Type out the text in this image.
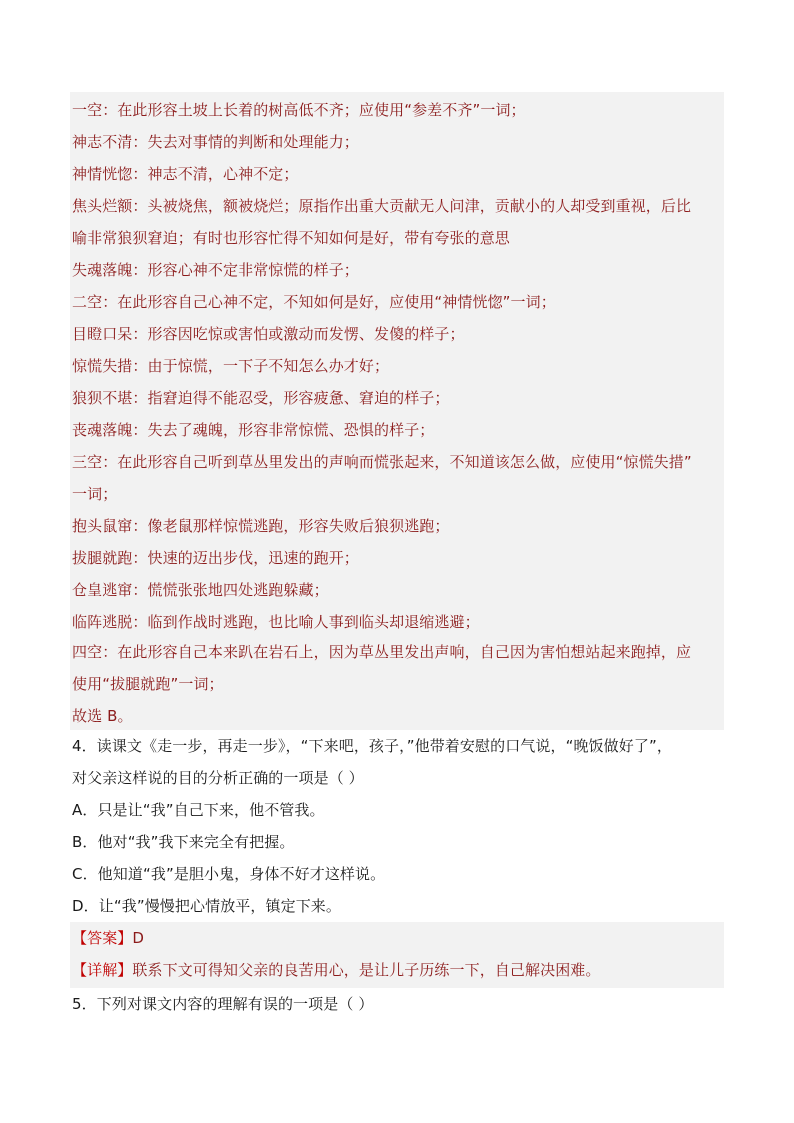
一空：在此形容土坡上长着的树高低不齐；应使用“参差不齐”一词；
神志不清：失去对事情的判断和处理能力；
神情恍惚：神志不清，心神不定；
焦头烂额：头被烧焦，额被烧烂；原指作出重大贡献无人问津，贡献小的人却受到重视，后比
喻非常狼狈窘迫；有时也形容忙得不知如何是好，带有夸张的意思
失魂落魄：形容心神不定非常惊慌的样子；
二空：在此形容自己心神不定，不知如何是好，应使用“神情恍惚”一词；
目瞪口呆：形容因吃惊或害怕或激动而发愣、发傻的样子；
惊慌失措：由于惊慌，一下子不知怎么办才好；
狼狈不堪：指窘迫得不能忍受，形容疲惫、窘迫的样子；
丧魂落魄：失去了魂魄，形容非常惊慌、恐惧的样子；
三空：在此形容自己听到草丛里发出的声响而慌张起来，不知道该怎么做，应使用“惊慌失措”
一词；
抱头鼠窜：像老鼠那样惊慌逃跑，形容失败后狼狈逃跑；
拔腿就跑：快速的迈出步伐，迅速的跑开；
仓皇逃窜：慌慌张张地四处逃跑躲藏；
临阵逃脱：临到作战时逃跑，也比喻人事到临头却退缩逃避；
四空：在此形容自己本来趴在岩石上，因为草丛里发出声响，自己因为害怕想站起来跑掉，应
使用“拔腿就跑”一词；
故选 B。
4．读课文《走一步，再走一步》，“下来吧，孩子，”他带着安慰的口气说，“晚饭做好了”，
对父亲这样说的目的分析正确的一项是（ ）
A．只是让“我”自己下来，他不管我。
B．他对“我”我下来完全有把握。
C．他知道“我”是胆小鬼，身体不好才这样说。
D．让“我”慢慢把心情放平，镇定下来。
【答案】D
【详解】联系下文可得知父亲的良苦用心，是让儿子历练一下，自己解决困难。
5．下列对课文内容的理解有误的一项是（ ）
